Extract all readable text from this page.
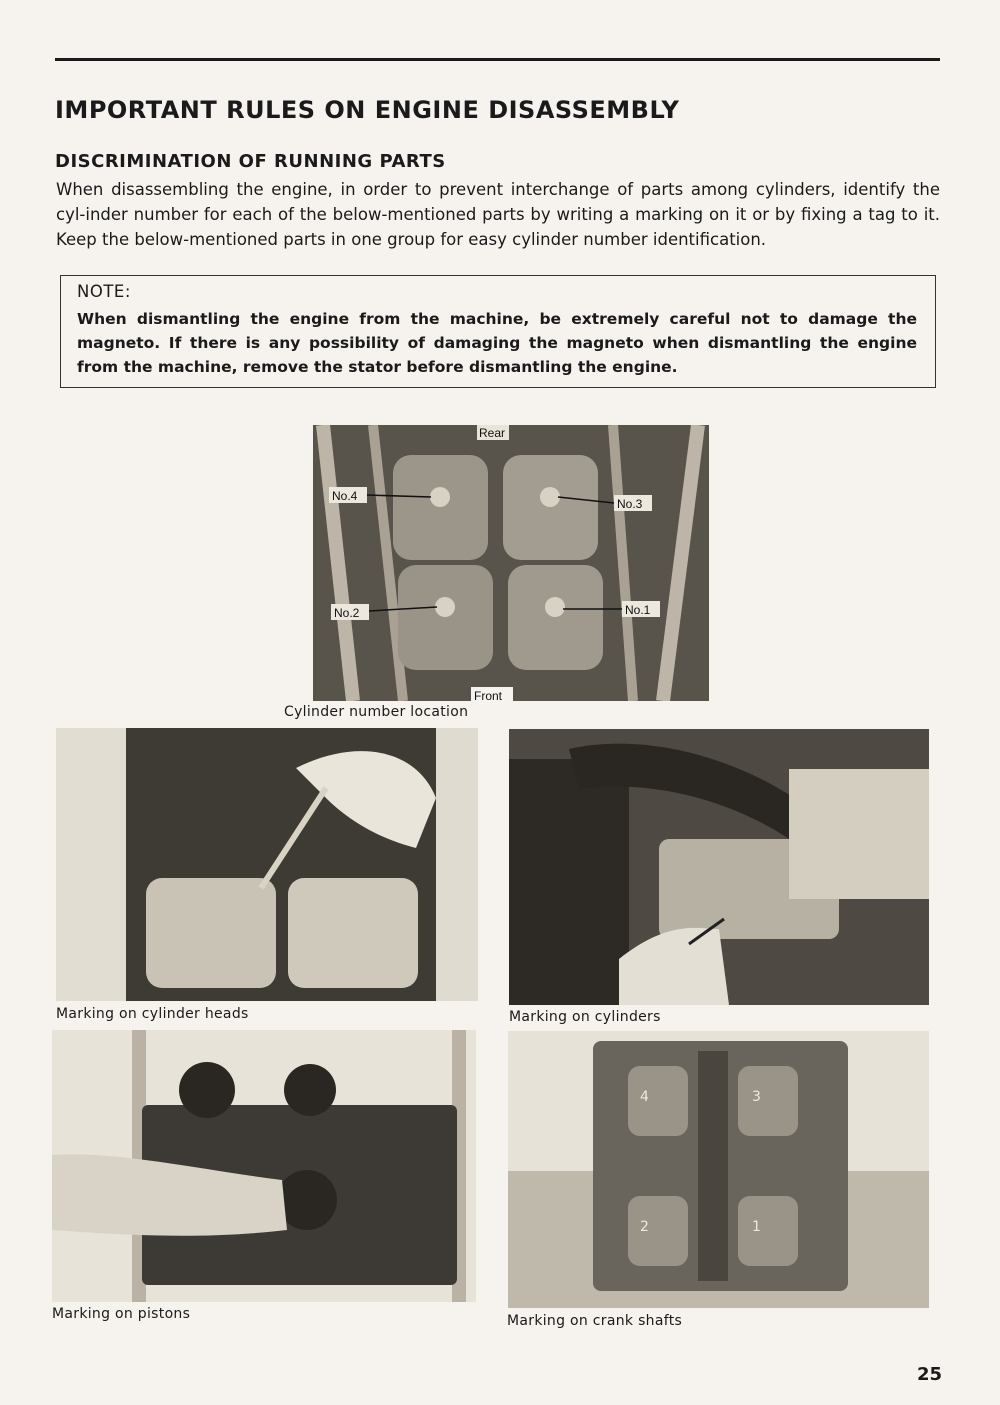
IMPORTANT RULES ON ENGINE DISASSEMBLY
DISCRIMINATION OF RUNNING PARTS
When disassembling the engine, in order to prevent interchange of parts among cylinders, identify the cyl-inder number for each of the below-mentioned parts by writing a marking on it or by fixing a tag to it. Keep the below-mentioned parts in one group for easy cylinder number identification.
NOTE:
When dismantling the engine from the machine, be extremely careful not to damage the magneto. If there is any possibility of damaging the magneto when dismantling the engine from the machine, remove the stator before dismantling the engine.
Rear
No.4
No.3
No.2	No.1
Front
Cylinder number location
Marking on cylinder heads	Marking on cylinders
Marking on pistons
4	3
2	1
Marking on crank shafts
25
